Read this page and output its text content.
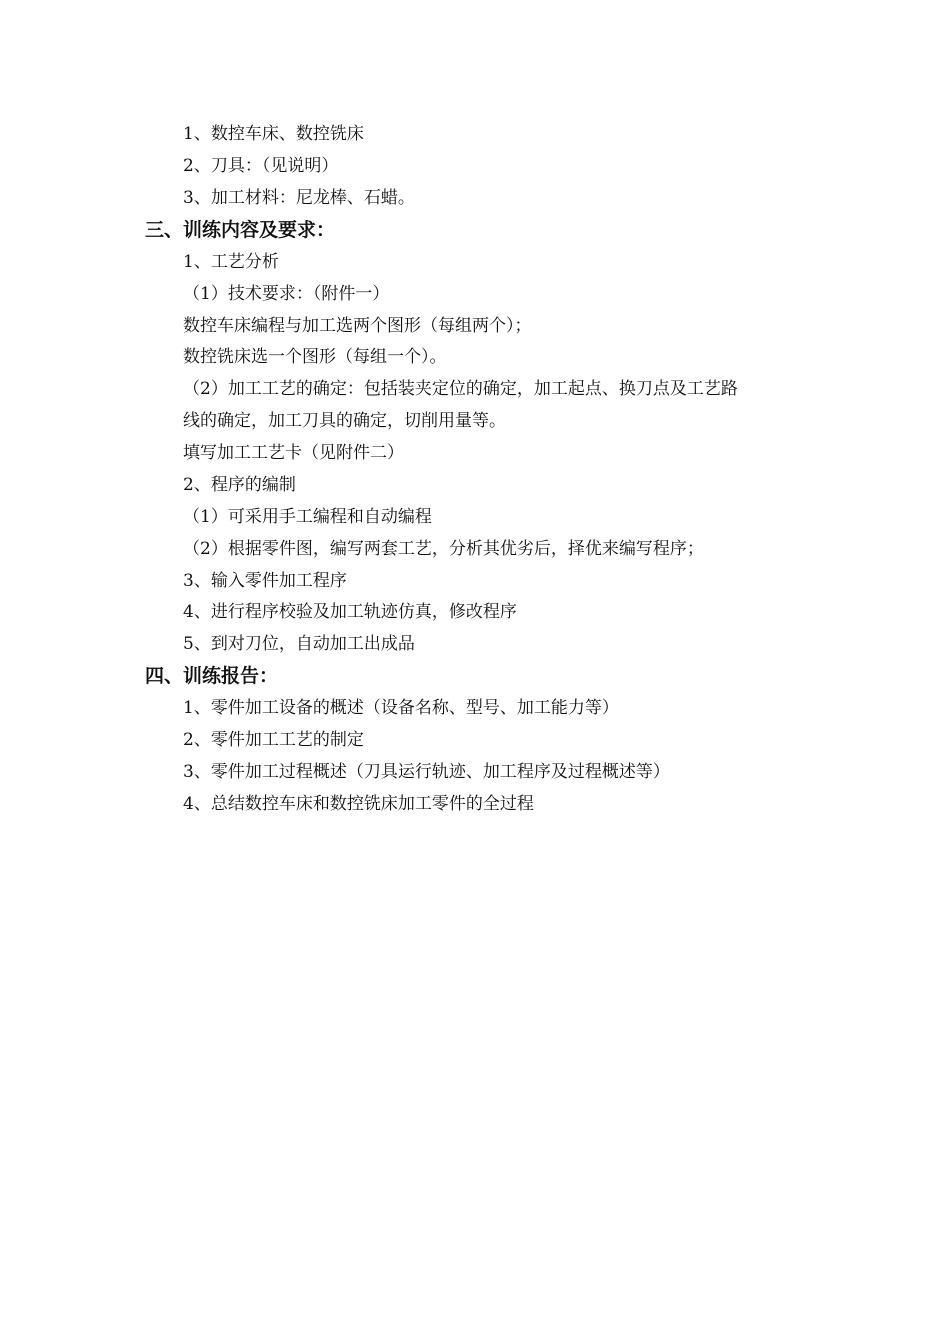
1、数控车床、数控铣床
2、刀具：（见说明）
3、加工材料：尼龙棒、石蜡。
三、训练内容及要求：
1、工艺分析
（1）技术要求：（附件一）
数控车床编程与加工选两个图形（每组两个）；
数控铣床选一个图形（每组一个）。
（2）加工工艺的确定：包括装夹定位的确定，加工起点、换刀点及工艺路
线的确定，加工刀具的确定，切削用量等。
填写加工工艺卡（见附件二）
2、程序的编制
（1）可采用手工编程和自动编程
（2）根据零件图，编写两套工艺，分析其优劣后，择优来编写程序；
3、输入零件加工程序
4、进行程序校验及加工轨迹仿真，修改程序
5、到对刀位，自动加工出成品
四、训练报告：
1、零件加工设备的概述（设备名称、型号、加工能力等）
2、零件加工工艺的制定
3、零件加工过程概述（刀具运行轨迹、加工程序及过程概述等）
4、总结数控车床和数控铣床加工零件的全过程
